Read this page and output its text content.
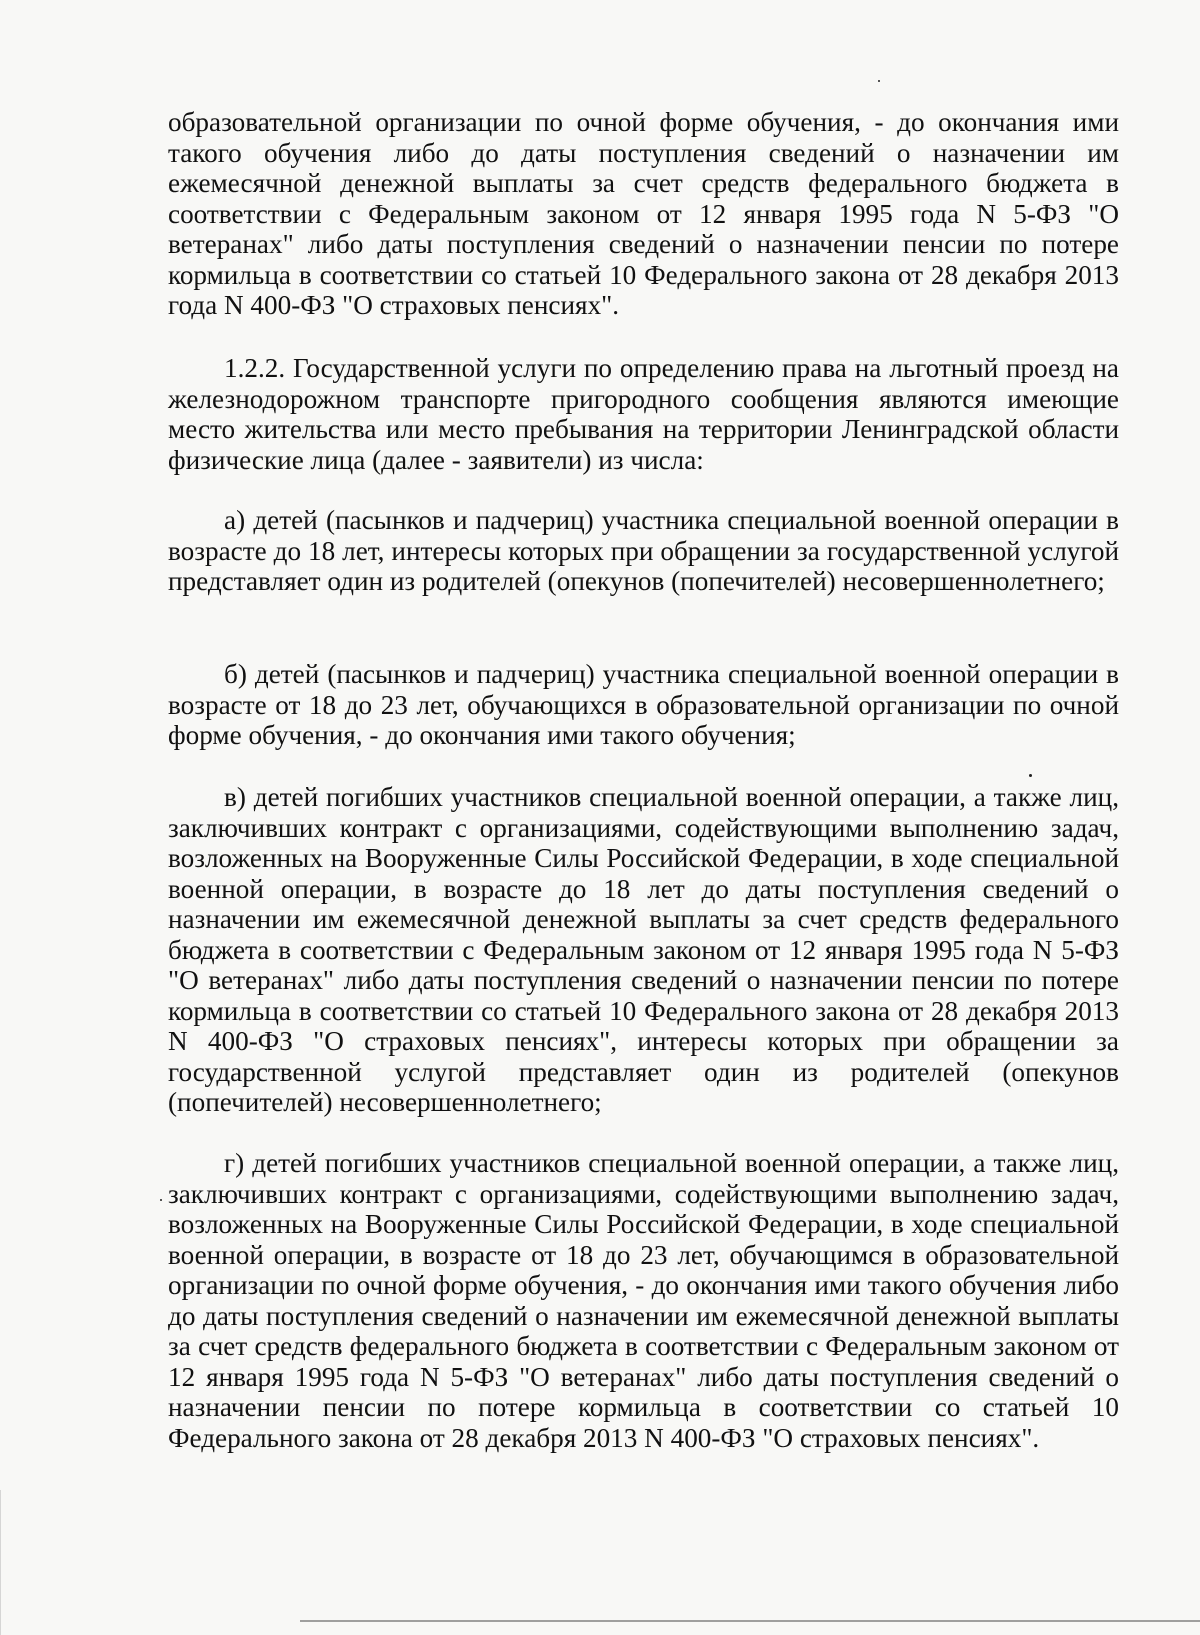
образовательной организации по очной форме обучения, - до окончания ими такого обучения либо до даты поступления сведений о назначении им ежемесячной денежной выплаты за счет средств федерального бюджета в соответствии с Федеральным законом от 12 января 1995 года N 5-ФЗ "О ветеранах" либо даты поступления сведений о назначении пенсии по потере кормильца в соответствии со статьей 10 Федерального закона от 28 декабря 2013 года N 400-ФЗ "О страховых пенсиях".

1.2.2. Государственной услуги по определению права на льготный проезд на железнодорожном транспорте пригородного сообщения являются имеющие место жительства или место пребывания на территории Ленинградской области физические лица (далее - заявители) из числа:

а) детей (пасынков и падчериц) участника специальной военной операции в возрасте до 18 лет, интересы которых при обращении за государственной услугой представляет один из родителей (опекунов (попечителей) несовершеннолетнего;

б) детей (пасынков и падчериц) участника специальной военной операции в возрасте от 18 до 23 лет, обучающихся в образовательной организации по очной форме обучения, - до окончания ими такого обучения;

в) детей погибших участников специальной военной операции, а также лиц, заключивших контракт с организациями, содействующими выполнению задач, возложенных на Вооруженные Силы Российской Федерации, в ходе специальной военной операции, в возрасте до 18 лет до даты поступления сведений о назначении им ежемесячной денежной выплаты за счет средств федерального бюджета в соответствии с Федеральным законом от 12 января 1995 года N 5-ФЗ "О ветеранах" либо даты поступления сведений о назначении пенсии по потере кормильца в соответствии со статьей 10 Федерального закона от 28 декабря 2013 N 400-ФЗ "О страховых пенсиях", интересы которых при обращении за государственной услугой представляет один из родителей (опекунов (попечителей) несовершеннолетнего;

г) детей погибших участников специальной военной операции, а также лиц, заключивших контракт с организациями, содействующими выполнению задач, возложенных на Вооруженные Силы Российской Федерации, в ходе специальной военной операции, в возрасте от 18 до 23 лет, обучающимся в образовательной организации по очной форме обучения, - до окончания ими такого обучения либо до даты поступления сведений о назначении им ежемесячной денежной выплаты за счет средств федерального бюджета в соответствии с Федеральным законом от 12 января 1995 года N 5-ФЗ "О ветеранах" либо даты поступления сведений о назначении пенсии по потере кормильца в соответствии со статьей 10 Федерального закона от 28 декабря 2013 N 400-ФЗ "О страховых пенсиях".
